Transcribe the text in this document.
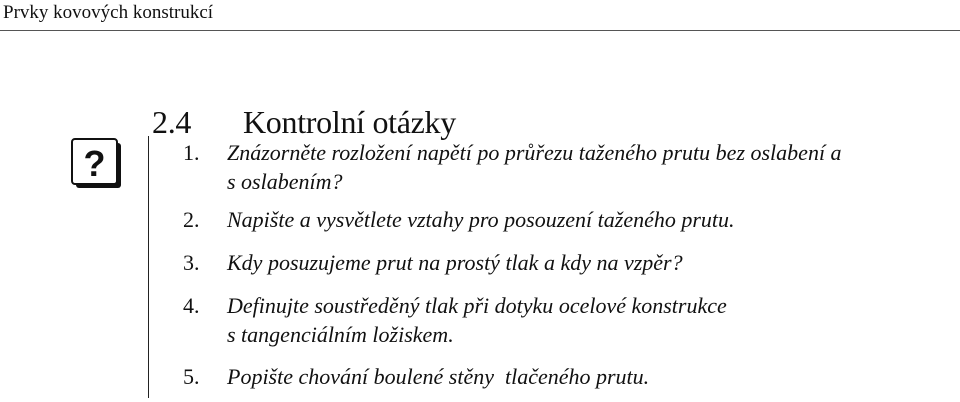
Prvky kovových konstrukcí
2.4 Kontrolní otázky
?	1.	Znázorněte rozložení napětí po průřezu taženého prutu bez oslabení a
s oslabením?
2.	Napište a vysvětlete vztahy pro posouzení taženého prutu.
3.	Kdy posuzujeme prut na prostý tlak a kdy na vzpěr?
4.	Definujte soustředěný tlak při dotyku ocelové konstrukce
s tangenciálním ložiskem.
5.	Popište chování boulené stěny  tlačeného prutu.
